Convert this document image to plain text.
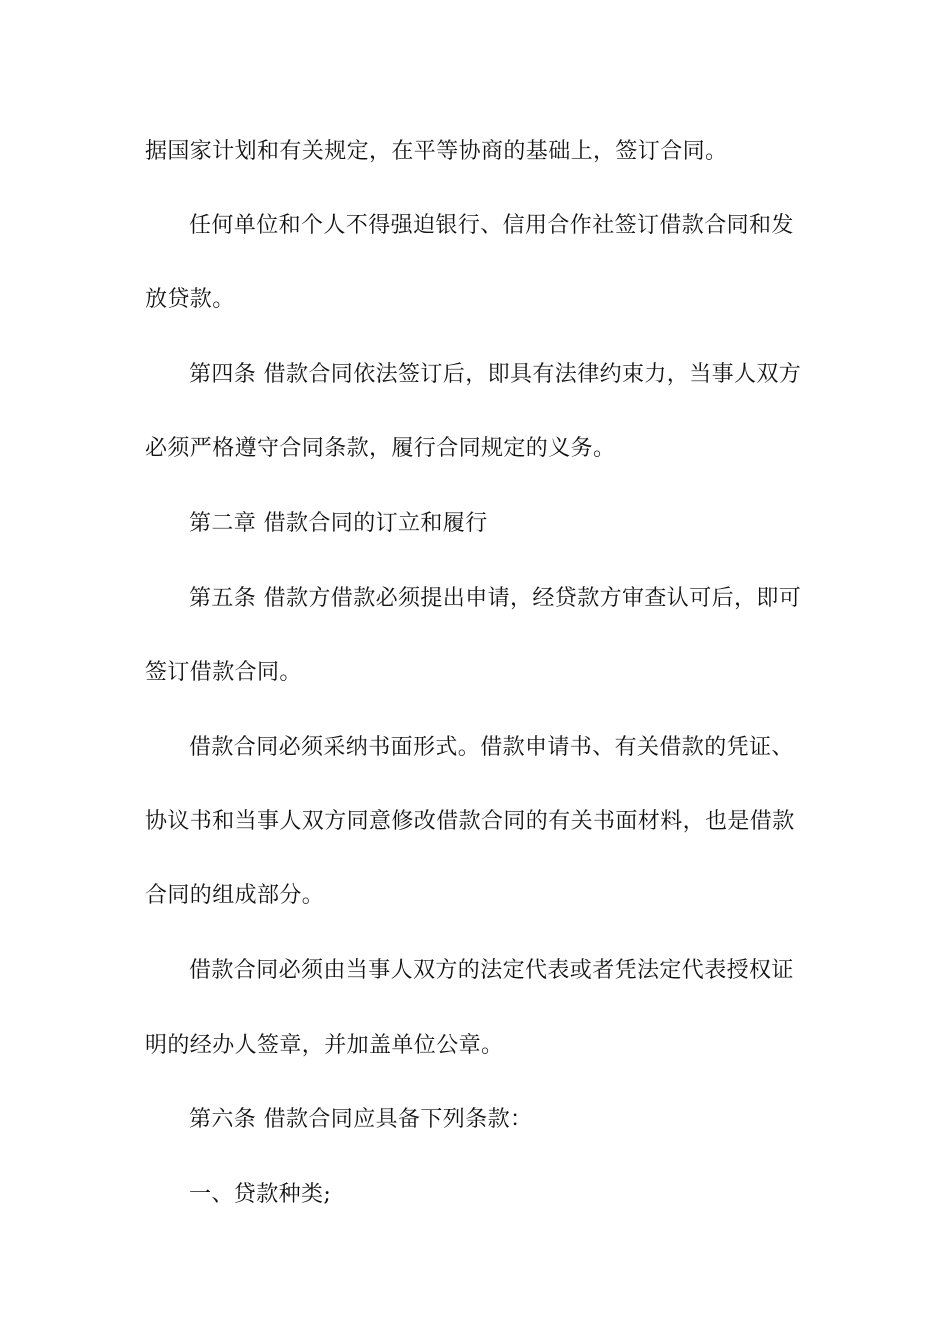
据国家计划和有关规定，在平等协商的基础上，签订合同。
任何单位和个人不得强迫银行、信用合作社签订借款合同和发
放贷款。
第四条 借款合同依法签订后，即具有法律约束力，当事人双方
必须严格遵守合同条款，履行合同规定的义务。
第二章 借款合同的订立和履行
第五条 借款方借款必须提出申请，经贷款方审查认可后，即可
签订借款合同。
借款合同必须采纳书面形式。借款申请书、有关借款的凭证、
协议书和当事人双方同意修改借款合同的有关书面材料，也是借款
合同的组成部分。
借款合同必须由当事人双方的法定代表或者凭法定代表授权证
明的经办人签章，并加盖单位公章。
第六条 借款合同应具备下列条款：
一、贷款种类;
